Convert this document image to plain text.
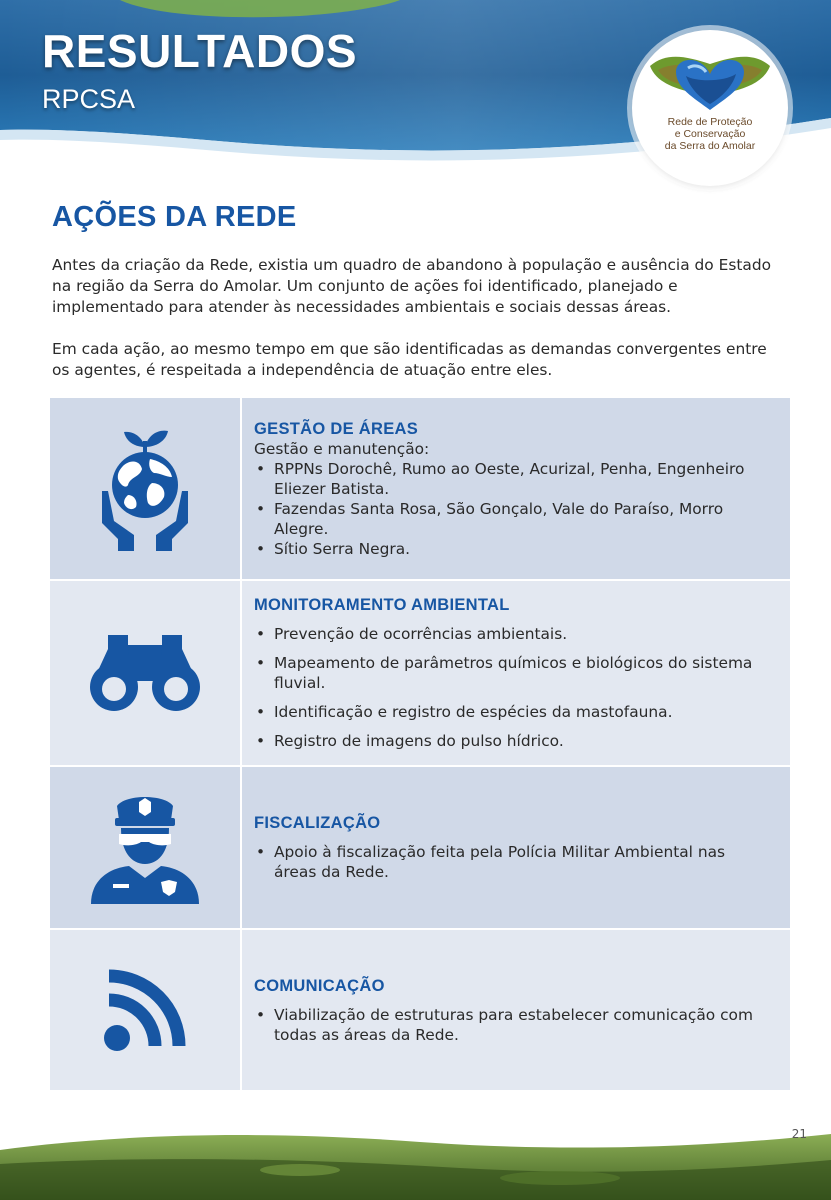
RESULTADOS
RPCSA
Rede de Proteção
e Conservação
da Serra do Amolar
AÇÕES DA REDE

Antes da criação da Rede, existia um quadro de abandono à população e ausência do Estado na região da Serra do Amolar. Um conjunto de ações foi identificado, planejado e implementado para atender às necessidades ambientais e sociais dessas áreas.

Em cada ação, ao mesmo tempo em que são identificadas as demandas convergentes entre os agentes, é respeitada a independência de atuação entre eles.

GESTÃO DE ÁREAS

Gestão e manutenção:

• RPPNs Dorochê, Rumo ao Oeste, Acurizal, Penha, Engenheiro Eliezer Batista.
• Fazendas Santa Rosa, São Gonçalo, Vale do Paraíso, Morro Alegre.
• Sítio Serra Negra.
MONITORAMENTO AMBIENTAL
• Prevenção de ocorrências ambientais.
• Mapeamento de parâmetros químicos e biológicos do sistema fluvial.
• Identificação e registro de espécies da mastofauna.
• Registro de imagens do pulso hídrico.
FISCALIZAÇÃO
• Apoio à fiscalização feita pela Polícia Militar Ambiental nas áreas da Rede.
COMUNICAÇÃO
• Viabilização de estruturas para estabelecer comunicação com todas as áreas da Rede.
21
